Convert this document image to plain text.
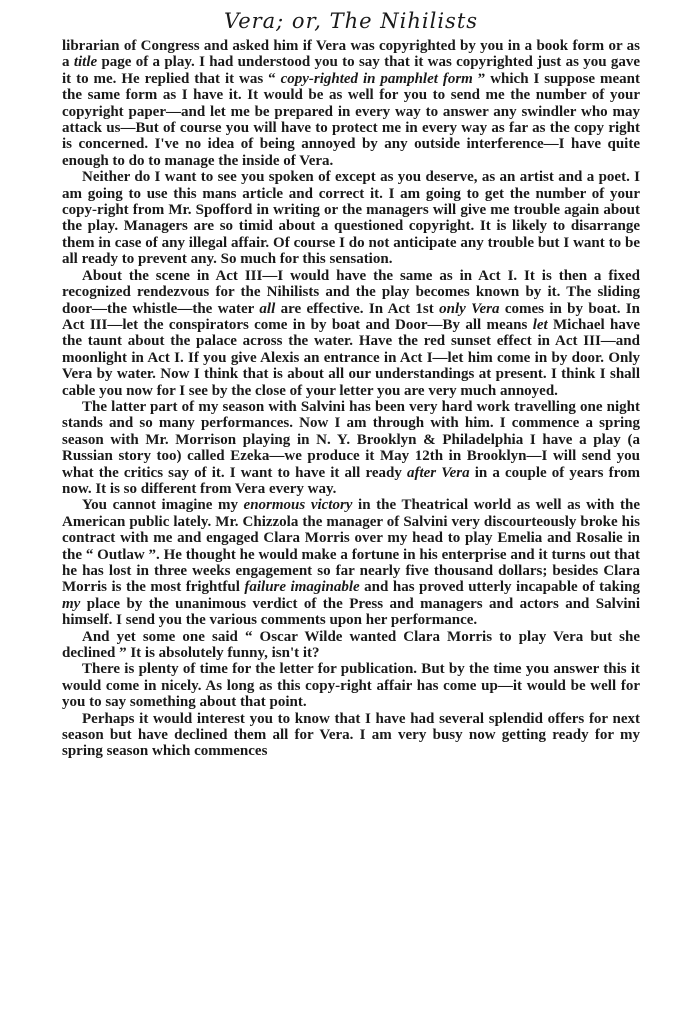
Vera; or, The Nihilists

librarian of Congress and asked him if Vera was copyrighted by you in a book form or as a title page of a play. I had understood you to say that it was copyrighted just as you gave it to me. He replied that it was “ copy-righted in pamphlet form ” which I suppose meant the same form as I have it. It would be as well for you to send me the number of your copyright paper—and let me be prepared in every way to answer any swindler who may attack us—But of course you will have to protect me in every way as far as the copy right is concerned. I've no idea of being annoyed by any outside interference—I have quite enough to do to manage the inside of Vera.

Neither do I want to see you spoken of except as you deserve, as an artist and a poet. I am going to use this mans article and correct it. I am going to get the number of your copy-right from Mr. Spofford in writing or the managers will give me trouble again about the play. Managers are so timid about a questioned copyright. It is likely to disarrange them in case of any illegal affair. Of course I do not anticipate any trouble but I want to be all ready to prevent any. So much for this sensation.

About the scene in Act III—I would have the same as in Act I. It is then a fixed recognized rendezvous for the Nihilists and the play becomes known by it. The sliding door—the whistle—the water all are effective. In Act 1st only Vera comes in by boat. In Act III—let the conspirators come in by boat and Door—By all means let Michael have the taunt about the palace across the water. Have the red sunset effect in Act III—and moonlight in Act I. If you give Alexis an entrance in Act I—let him come in by door. Only Vera by water. Now I think that is about all our understandings at present. I think I shall cable you now for I see by the close of your letter you are very much annoyed.

The latter part of my season with Salvini has been very hard work travelling one night stands and so many performances. Now I am through with him. I commence a spring season with Mr. Morrison playing in N. Y. Brooklyn & Philadelphia I have a play (a Russian story too) called Ezeka—we produce it May 12th in Brooklyn—I will send you what the critics say of it. I want to have it all ready after Vera in a couple of years from now. It is so different from Vera every way.

You cannot imagine my enormous victory in the Theatrical world as well as with the American public lately. Mr. Chizzola the manager of Salvini very discourteously broke his contract with me and engaged Clara Morris over my head to play Emelia and Rosalie in the “ Outlaw ”. He thought he would make a fortune in his enterprise and it turns out that he has lost in three weeks engagement so far nearly five thousand dollars; besides Clara Morris is the most frightful failure imaginable and has proved utterly incapable of taking my place by the unanimous verdict of the Press and managers and actors and Salvini himself. I send you the various comments upon her performance.

And yet some one said “ Oscar Wilde wanted Clara Morris to play Vera but she declined ” It is absolutely funny, isn't it?

There is plenty of time for the letter for publication. But by the time you answer this it would come in nicely. As long as this copy-right affair has come up—it would be well for you to say something about that point.

Perhaps it would interest you to know that I have had several splendid offers for next season but have declined them all for Vera. I am very busy now getting ready for my spring season which commences
